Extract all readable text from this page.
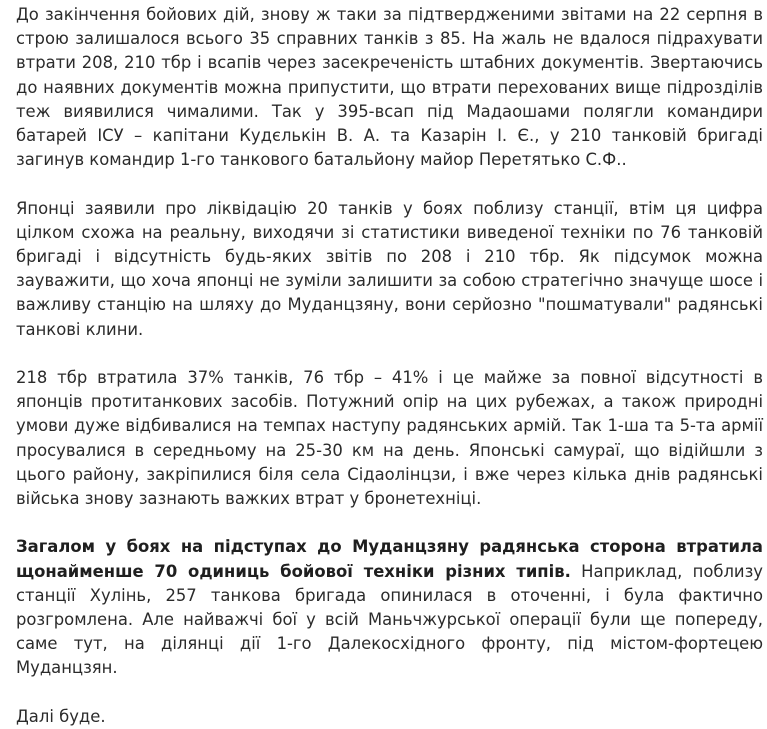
До закінчення бойових дій, знову ж таки за підтвердженими звітами на 22 серпня в строю залишалося всього 35 справних танків з 85. На жаль не вдалося підрахувати втрати 208, 210 тбр і всапів через засекреченість штабних документів. Звертаючись до наявних документів можна припустити, що втрати перехованих вище підрозділів теж виявилися чималими. Так у 395-всап під Мадаошами полягли командири батарей ІСУ – капітани Кудєлькін В. А. та Казарін І. Є., у 210 танковій бригаді загинув командир 1-го танкового батальйону майор Перетятько С.Ф..

Японці заявили про ліквідацію 20 танків у боях поблизу станції, втім ця цифра цілком схожа на реальну, виходячи зі статистики виведеної техніки по 76 танковій бригаді і відсутність будь-яких звітів по 208 і 210 тбр. Як підсумок можна зауважити, що хоча японці не зуміли залишити за собою стратегічно значуще шосе і важливу станцію на шляху до Муданцзяну, вони серйозно "пошматували" радянські танкові клини.

218 тбр втратила 37% танків, 76 тбр – 41% і це майже за повної відсутності в японців протитанкових засобів. Потужний опір на цих рубежах, а також природні умови дуже відбивалися на темпах наступу радянських армій. Так 1-ша та 5-та армії просувалися в середньому на 25-30 км на день. Японські самураї, що відійшли з цього району, закріпилися біля села Сідаолінцзи, і вже через кілька днів радянські війська знову зазнають важких втрат у бронетехніці.

Загалом у боях на підступах до Муданцзяну радянська сторона втратила щонайменше 70 одиниць бойової техніки різних типів. Наприклад, поблизу станції Хулінь, 257 танкова бригада опинилася в оточенні, і була фактично розгромлена. Але найважчі бої у всій Маньчжурської операції були ще попереду, саме тут, на ділянці дії 1-го Далекосхідного фронту, під містом-фортецею Муданцзян.

Далі буде.
